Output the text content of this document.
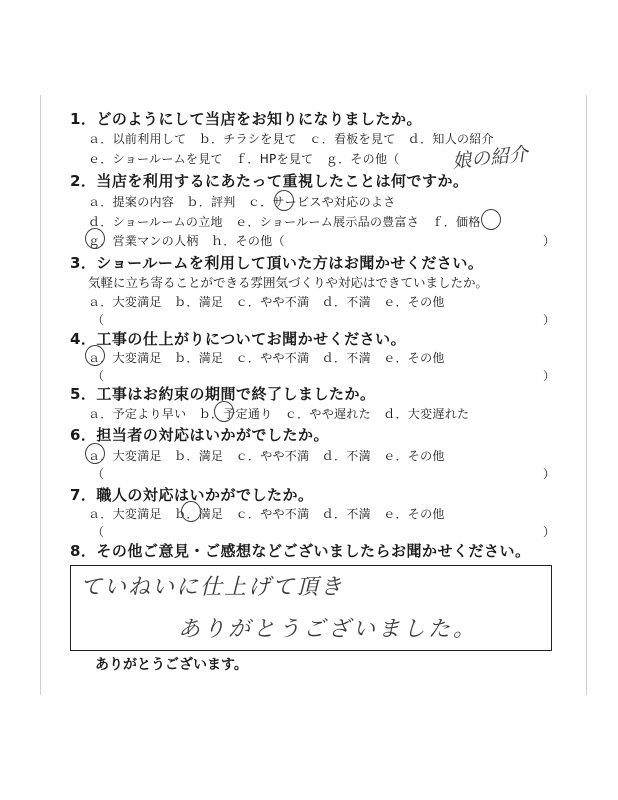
1．どのようにして当店をお知りになりましたか。
ａ．以前利用して　ｂ．チラシを見て　ｃ．看板を見て　ｄ．知人の紹介
ｅ．ショールームを見て　ｆ．HPを見て　ｇ．その他（	娘の紹介
2．当店を利用するにあたって重視したことは何ですか。
ａ．提案の内容　ｂ．評判　ｃ．サービスや対応のよさ
ｄ．ショールームの立地　ｅ．ショールーム展示品の豊富さ　ｆ．価格
ｇ．営業マンの人柄　ｈ．その他（	）
3．ショールームを利用して頂いた方はお聞かせください。
気軽に立ち寄ることができる雰囲気づくりや対応はできていましたか。
ａ．大変満足　ｂ．満足　ｃ．やや不満　ｄ．不満　ｅ．その他
（	）
4．工事の仕上がりについてお聞かせください。
ａ．大変満足　ｂ．満足　ｃ．やや不満　ｄ．不満　ｅ．その他
（	）
5．工事はお約束の期間で終了しましたか。
ａ．予定より早い　ｂ．予定通り　ｃ．やや遅れた　ｄ．大変遅れた
6．担当者の対応はいかがでしたか。
ａ．大変満足　ｂ．満足　ｃ．やや不満　ｄ．不満　ｅ．その他
（	）
7．職人の対応はいかがでしたか。
ａ．大変満足　ｂ．満足　ｃ．やや不満　ｄ．不満　ｅ．その他
（	）
8．その他ご意見・ご感想などございましたらお聞かせください。
ていねいに仕上げて頂き
ありがとうございました。
ありがとうございます。
